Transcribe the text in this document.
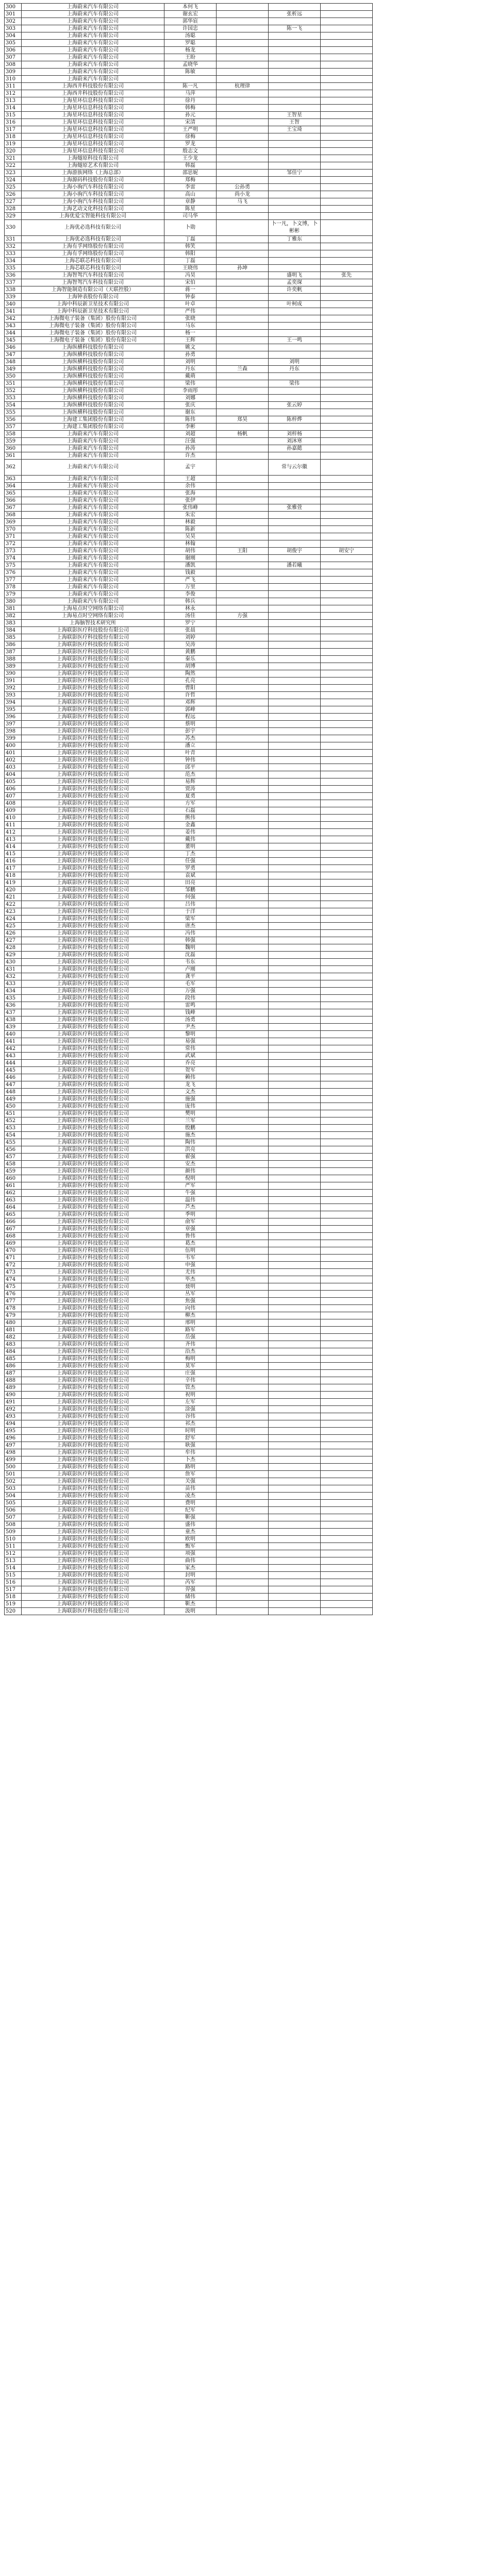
300	上海蔚来汽车有限公司	本何飞			
301	上海蔚来汽车有限公司	谢玄宏		张析远	
302	上海蔚来汽车有限公司	郭华宸			
303	上海蔚来汽车有限公司	许国忠		陈一飞	
304	上海蔚来汽车有限公司	汤聪			
305	上海蔚来汽车有限公司	罗聪			
306	上海蔚来汽车有限公司	杨龙			
307	上海蔚来汽车有限公司	王盼			
308	上海蔚来汽车有限公司	孟晓华			
309	上海蔚来汽车有限公司	陈敏			
310	上海蔚来汽车有限公司				
311	上海西井科技股份有限公司	陈一凡	杭理律		
312	上海西井科技股份有限公司	马萍			
313	上海星环信息科技有限公司	徐丹			
314	上海星环信息科技有限公司	韩梅			
315	上海星环信息科技有限公司	孙元		王智星	
316	上海星环信息科技有限公司	宋清		王智	
317	上海星环信息科技有限公司	王严明		王宝琦	
318	上海星环信息科技有限公司	徐梅			
319	上海星环信息科技有限公司	罗龙			
320	上海星环信息科技有限公司	殷志文			
321	上海燧原科技有限公司	王少龙			
322	上海燧原艺术有限公司	韩磊			
323	上海游族网络（上海总部）	邵思妮		邹佳宁	
324	上海源码科技股份有限公司	郑梅			
325	上海小驹汽车科技有限公司	李雷	公孙勇		
326	上海小驹汽车科技有限公司	高山	尚小龙		
327	上海小驹汽车科技有限公司	章静	马飞		
328	上海艺动文化科技有限公司	陈星			
329	上海优爱宝智能科技有限公司	司马华			
330	上海优必选科技有限公司	卜勋		卜一凡，卜文博，卜彬彬	
331	上海优必选科技有限公司	丁磊		丁雅东	
332	上海有孚网络股份有限公司	韩笑			
333	上海有孚网络股份有限公司	韩阳			
334	上海芯联芯科技有限公司	丁磊			
335	上海芯联芯科技有限公司	王晓伟	孙坤		
336	上海智驾汽车科技有限公司	冯昊		盛明飞	张先
337	上海智驾汽车科技有限公司	宋伯		孟奕琛	
338	上海智能制造有限公司（天联控股）	蒋一		许奕帆	
339	上海钟表股份有限公司	钟泰			
340	上海中科辰新卫星技术有限公司	叶卓		叶柯成	
341	上海中科辰新卫星技术有限公司	严伟			
342	上海微电子装备（集团）股份有限公司	张晓			
343	上海微电子装备（集团）股份有限公司	马东			
344	上海微电子装备（集团）股份有限公司	杨一			
345	上海微电子装备（集团）股份有限公司	王辉		王一鸣	
346	上海纵横科技股份有限公司	姚文			
347	上海纵横科技股份有限公司	孙勇			
348	上海纵横科技股份有限公司	刘明		刘明	
349	上海纵横科技股份有限公司	丹东	兰森	丹东	
350	上海纵横科技股份有限公司	戴萌			
351	上海纵横科技股份有限公司	梁伟		梁伟	
352	上海纵横科技股份有限公司	李雨彤			
353	上海纵横科技股份有限公司	刘娜			
354	上海纵横科技股份有限公司	张庆		张云婷	
355	上海纵横科技股份有限公司	谢东			
356	上海建工集团股份有限公司	陈伟	郑昊	陈梓烨	
357	上海建工集团股份有限公司	李彬			
358	上海蔚来汽车有限公司	刘超	杨帆	刘梓杨	
359	上海蔚来汽车有限公司	汪强		刘沐寒	
360	上海蔚来汽车有限公司	孙涛		孙嘉懿	
361	上海蔚来汽车有限公司	许杰			
362	上海蔚来汽车有限公司	孟宇		常与云尔徽	
363	上海蔚来汽车有限公司	王超			
364	上海蔚来汽车有限公司	余伟			
365	上海蔚来汽车有限公司	张海			
366	上海蔚来汽车有限公司	张伊			
367	上海蔚来汽车有限公司	张伟峰		张雅萱	
368	上海蔚来汽车有限公司	朱宏			
369	上海蔚来汽车有限公司	林毅			
370	上海蔚来汽车有限公司	陈新			
371	上海蔚来汽车有限公司	吴昊			
372	上海蔚来汽车有限公司	林翰			
373	上海蔚来汽车有限公司	胡伟	王阳	胡俊宇	胡安宁
374	上海蔚来汽车有限公司	谢刚			
375	上海蔚来汽车有限公司	潘凯		潘若曦	
376	上海蔚来汽车有限公司	钱毅			
377	上海蔚来汽车有限公司	严飞			
378	上海蔚来汽车有限公司	万里			
379	上海蔚来汽车有限公司	李俊			
380	上海蔚来汽车有限公司	韩兵			
381	上海易点时空网络有限公司	林永			
382	上海易点时空网络有限公司	汤佳	方强		
383	上海脑智技术研究所	罗宁			
384	上海联影医疗科技股份有限公司	张晨			
385	上海联影医疗科技股份有限公司	刘婷			
386	上海联影医疗科技股份有限公司	吴涛			
387	上海联影医疗科技股份有限公司	黄鹏			
388	上海联影医疗科技股份有限公司	秦乐			
389	上海联影医疗科技股份有限公司	胡博			
390	上海联影医疗科技股份有限公司	陶然			
391	上海联影医疗科技股份有限公司	孔亮			
392	上海联影医疗科技股份有限公司	曹阳			
393	上海联影医疗科技股份有限公司	许哲			
394	上海联影医疗科技股份有限公司	邓辉			
395	上海联影医疗科技股份有限公司	郭峰			
396	上海联影医疗科技股份有限公司	程远			
397	上海联影医疗科技股份有限公司	蔡明			
398	上海联影医疗科技股份有限公司	彭宇			
399	上海联影医疗科技股份有限公司	苏杰			
400	上海联影医疗科技股份有限公司	潘立			
401	上海联影医疗科技股份有限公司	叶青			
402	上海联影医疗科技股份有限公司	钟伟			
403	上海联影医疗科技股份有限公司	邱平			
404	上海联影医疗科技股份有限公司	范杰			
405	上海联影医疗科技股份有限公司	易辉			
406	上海联影医疗科技股份有限公司	贾涛			
407	上海联影医疗科技股份有限公司	夏勇			
408	上海联影医疗科技股份有限公司	方军			
409	上海联影医疗科技股份有限公司	石磊			
410	上海联影医疗科技股份有限公司	熊伟			
411	上海联影医疗科技股份有限公司	金鑫			
412	上海联影医疗科技股份有限公司	姜伟			
413	上海联影医疗科技股份有限公司	戴伟			
414	上海联影医疗科技股份有限公司	董明			
415	上海联影医疗科技股份有限公司	丁杰			
416	上海联影医疗科技股份有限公司	任强			
417	上海联影医疗科技股份有限公司	罗勇			
418	上海联影医疗科技股份有限公司	袁斌			
419	上海联影医疗科技股份有限公司	田亮			
420	上海联影医疗科技股份有限公司	邹鹏			
421	上海联影医疗科技股份有限公司	何强			
422	上海联影医疗科技股份有限公司	吕伟			
423	上海联影医疗科技股份有限公司	于洋			
424	上海联影医疗科技股份有限公司	梁军			
425	上海联影医疗科技股份有限公司	唐杰			
426	上海联影医疗科技股份有限公司	冯伟			
427	上海联影医疗科技股份有限公司	韩强			
428	上海联影医疗科技股份有限公司	魏明			
429	上海联影医疗科技股份有限公司	沈磊			
430	上海联影医疗科技股份有限公司	韦东			
431	上海联影医疗科技股份有限公司	卢刚			
432	上海联影医疗科技股份有限公司	龚平			
433	上海联影医疗科技股份有限公司	毛军			
434	上海联影医疗科技股份有限公司	万强			
435	上海联影医疗科技股份有限公司	段伟			
436	上海联影医疗科技股份有限公司	雷鸣			
437	上海联影医疗科技股份有限公司	钱峰			
438	上海联影医疗科技股份有限公司	汤勇			
439	上海联影医疗科技股份有限公司	尹杰			
440	上海联影医疗科技股份有限公司	黎明			
441	上海联影医疗科技股份有限公司	易强			
442	上海联影医疗科技股份有限公司	常伟			
443	上海联影医疗科技股份有限公司	武斌			
444	上海联影医疗科技股份有限公司	乔亮			
445	上海联影医疗科技股份有限公司	贺军			
446	上海联影医疗科技股份有限公司	赖伟			
447	上海联影医疗科技股份有限公司	龙飞			
448	上海联影医疗科技股份有限公司	文杰			
449	上海联影医疗科技股份有限公司	施强			
450	上海联影医疗科技股份有限公司	庞伟			
451	上海联影医疗科技股份有限公司	樊明			
452	上海联影医疗科技股份有限公司	兰军			
453	上海联影医疗科技股份有限公司	殷鹏			
454	上海联影医疗科技股份有限公司	施杰			
455	上海联影医疗科技股份有限公司	陶伟			
456	上海联影医疗科技股份有限公司	洪亮			
457	上海联影医疗科技股份有限公司	翟强			
458	上海联影医疗科技股份有限公司	安杰			
459	上海联影医疗科技股份有限公司	颜伟			
460	上海联影医疗科技股份有限公司	倪明			
461	上海联影医疗科技股份有限公司	严军			
462	上海联影医疗科技股份有限公司	牛强			
463	上海联影医疗科技股份有限公司	温伟			
464	上海联影医疗科技股份有限公司	芦杰			
465	上海联影医疗科技股份有限公司	季明			
466	上海联影医疗科技股份有限公司	俞军			
467	上海联影医疗科技股份有限公司	章强			
468	上海联影医疗科技股份有限公司	鲁伟			
469	上海联影医疗科技股份有限公司	葛杰			
470	上海联影医疗科技股份有限公司	伍明			
471	上海联影医疗科技股份有限公司	韦军			
472	上海联影医疗科技股份有限公司	申强			
473	上海联影医疗科技股份有限公司	尤伟			
474	上海联影医疗科技股份有限公司	毕杰			
475	上海联影医疗科技股份有限公司	聂明			
476	上海联影医疗科技股份有限公司	丛军			
477	上海联影医疗科技股份有限公司	焦强			
478	上海联影医疗科技股份有限公司	向伟			
479	上海联影医疗科技股份有限公司	柳杰			
480	上海联影医疗科技股份有限公司	邢明			
481	上海联影医疗科技股份有限公司	路军			
482	上海联影医疗科技股份有限公司	岳强			
483	上海联影医疗科技股份有限公司	齐伟			
484	上海联影医疗科技股份有限公司	沿杰			
485	上海联影医疗科技股份有限公司	梅明			
486	上海联影医疗科技股份有限公司	莫军			
487	上海联影医疗科技股份有限公司	庄强			
488	上海联影医疗科技股份有限公司	辛伟			
489	上海联影医疗科技股份有限公司	管杰			
490	上海联影医疗科技股份有限公司	祝明			
491	上海联影医疗科技股份有限公司	左军			
492	上海联影医疗科技股份有限公司	涂强			
493	上海联影医疗科技股份有限公司	谷伟			
494	上海联影医疗科技股份有限公司	祁杰			
495	上海联影医疗科技股份有限公司	时明			
496	上海联影医疗科技股份有限公司	舒军			
497	上海联影医疗科技股份有限公司	耿强			
498	上海联影医疗科技股份有限公司	牟伟			
499	上海联影医疗科技股份有限公司	卜杰			
500	上海联影医疗科技股份有限公司	路明			
501	上海联影医疗科技股份有限公司	詹军			
502	上海联影医疗科技股份有限公司	关强			
503	上海联影医疗科技股份有限公司	苗伟			
504	上海联影医疗科技股份有限公司	凌杰			
505	上海联影医疗科技股份有限公司	费明			
506	上海联影医疗科技股份有限公司	纪军			
507	上海联影医疗科技股份有限公司	靳强			
508	上海联影医疗科技股份有限公司	盛伟			
509	上海联影医疗科技股份有限公司	童杰			
510	上海联影医疗科技股份有限公司	欧明			
511	上海联影医疗科技股份有限公司	甄军			
512	上海联影医疗科技股份有限公司	项强			
513	上海联影医疗科技股份有限公司	曲伟			
514	上海联影医疗科技股份有限公司	家杰			
515	上海联影医疗科技股份有限公司	封明			
516	上海联影医疗科技股份有限公司	芮军			
517	上海联影医疗科技股份有限公司	羿强			
518	上海联影医疗科技股份有限公司	储伟			
519	上海联影医疗科技股份有限公司	靳杰			
520	上海联影医疗科技股份有限公司	汲明			
